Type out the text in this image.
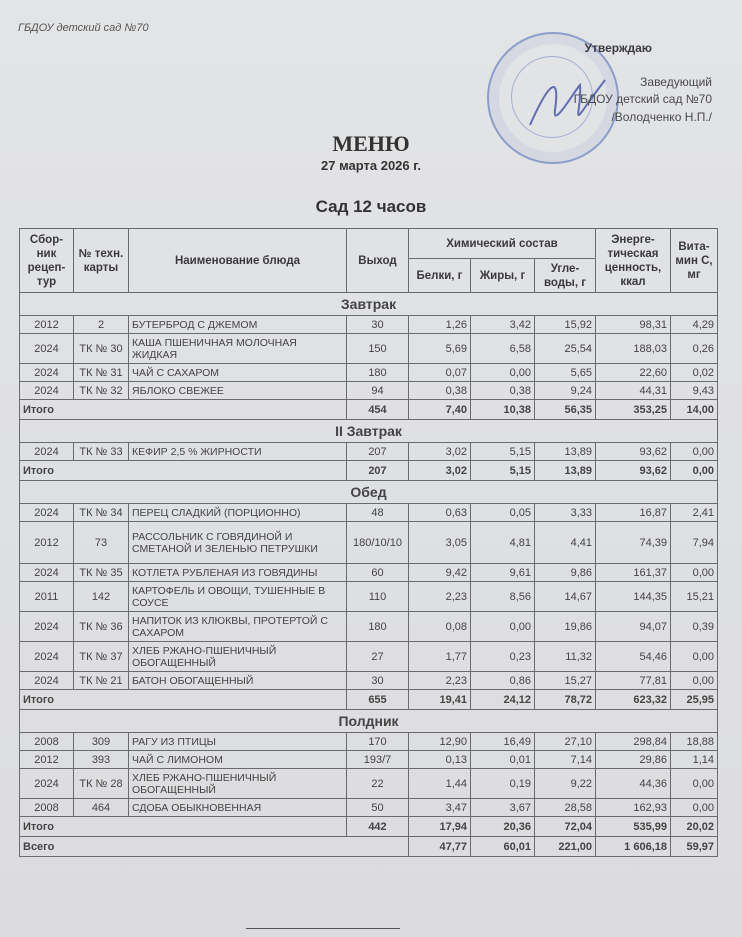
ГБДОУ детский сад №70
Утверждаю
Заведующий
ГБДОУ детский сад №70
/Володченко Н.П./
МЕНЮ
27 марта 2026 г.
Сад 12 часов
Сбор-ник рецеп-тур	№ техн. карты	Наименование блюда	Выход	Химический состав			Энерге-тическая ценность, ккал	Вита-мин С, мг
				Белки, г	Жиры, г	Угле-воды, г		
Завтрак								
2012	2	БУТЕРБРОД С ДЖЕМОМ	30	1,26	3,42	15,92	98,31	4,29
2024	ТК № 30	КАША ПШЕНИЧНАЯ МОЛОЧНАЯ ЖИДКАЯ	150	5,69	6,58	25,54	188,03	0,26
2024	ТК № 31	ЧАЙ С САХАРОМ	180	0,07	0,00	5,65	22,60	0,02
2024	ТК № 32	ЯБЛОКО СВЕЖЕЕ	94	0,38	0,38	9,24	44,31	9,43
Итого			454	7,40	10,38	56,35	353,25	14,00
II Завтрак								
2024	ТК № 33	КЕФИР 2,5 % ЖИРНОСТИ	207	3,02	5,15	13,89	93,62	0,00
Итого			207	3,02	5,15	13,89	93,62	0,00
Обед								
2024	ТК № 34	ПЕРЕЦ СЛАДКИЙ (ПОРЦИОННО)	48	0,63	0,05	3,33	16,87	2,41
2012	73	РАССОЛЬНИК С ГОВЯДИНОЙ И СМЕТАНОЙ И ЗЕЛЕНЬЮ ПЕТРУШКИ	180/10/10	3,05	4,81	4,41	74,39	7,94
2024	ТК № 35	КОТЛЕТА РУБЛЕНАЯ ИЗ ГОВЯДИНЫ	60	9,42	9,61	9,86	161,37	0,00
2011	142	КАРТОФЕЛЬ И ОВОЩИ, ТУШЕННЫЕ В СОУСЕ	110	2,23	8,56	14,67	144,35	15,21
2024	ТК № 36	НАПИТОК ИЗ КЛЮКВЫ, ПРОТЕРТОЙ С САХАРОМ	180	0,08	0,00	19,86	94,07	0,39
2024	ТК № 37	ХЛЕБ РЖАНО-ПШЕНИЧНЫЙ ОБОГАЩЕННЫЙ	27	1,77	0,23	11,32	54,46	0,00
2024	ТК № 21	БАТОН ОБОГАЩЕННЫЙ	30	2,23	0,86	15,27	77,81	0,00
Итого			655	19,41	24,12	78,72	623,32	25,95
Полдник								
2008	309	РАГУ ИЗ ПТИЦЫ	170	12,90	16,49	27,10	298,84	18,88
2012	393	ЧАЙ С ЛИМОНОМ	193/7	0,13	0,01	7,14	29,86	1,14
2024	ТК № 28	ХЛЕБ РЖАНО-ПШЕНИЧНЫЙ ОБОГАЩЕННЫЙ	22	1,44	0,19	9,22	44,36	0,00
2008	464	СДОБА ОБЫКНОВЕННАЯ	50	3,47	3,67	28,58	162,93	0,00
Итого			442	17,94	20,36	72,04	535,99	20,02
Всего				47,77	60,01	221,00	1 606,18	59,97
